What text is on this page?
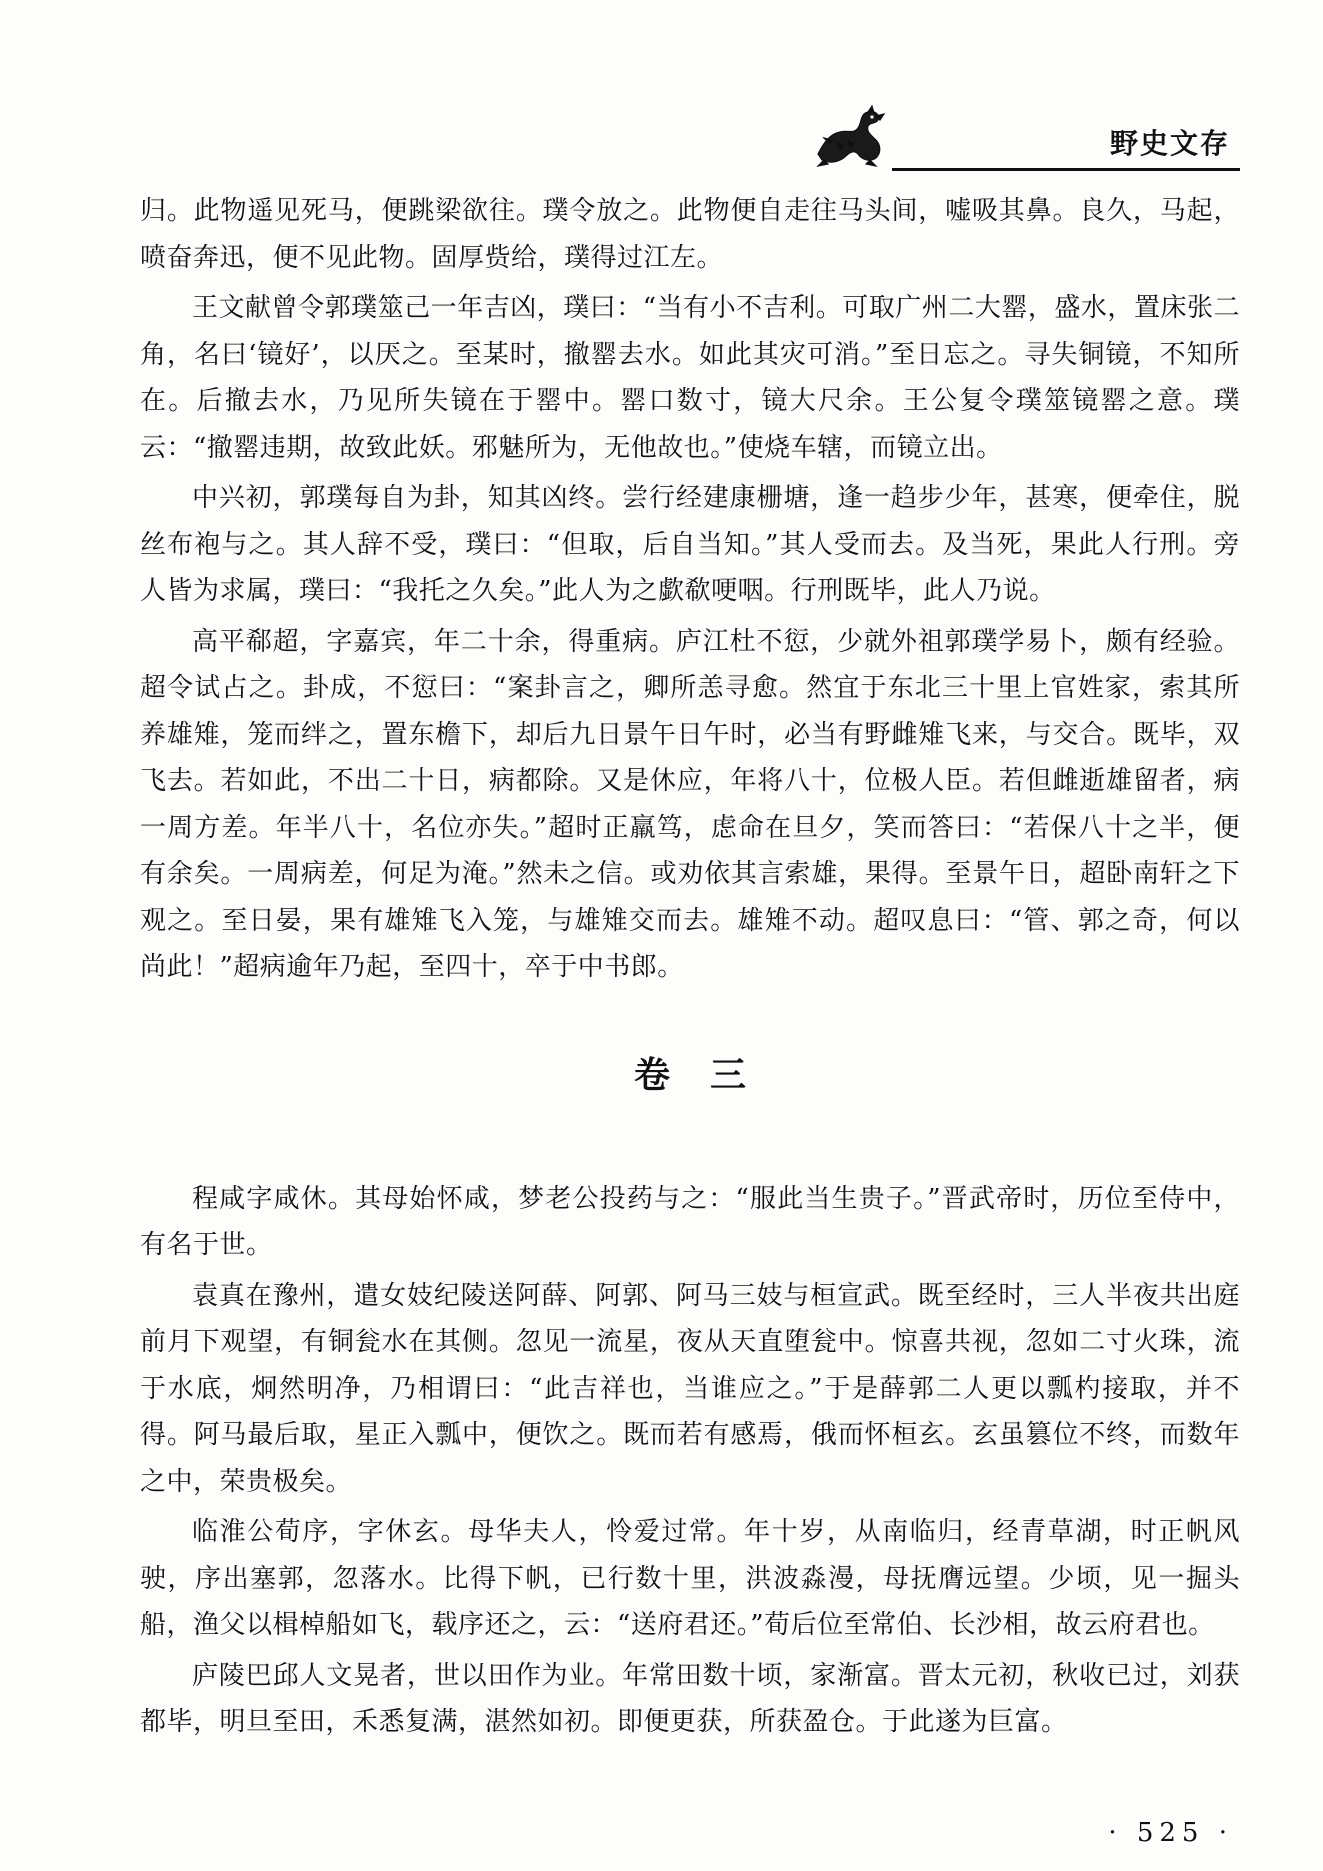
野史文存

归。此物遥见死马，便跳梁欲往。璞令放之。此物便自走往马头间，嘘吸其鼻。良久，马起，喷奋奔迅，便不见此物。固厚赀给，璞得过江左。

王文献曾令郭璞筮己一年吉凶，璞曰：“当有小不吉利。可取广州二大罂，盛水，置床张二角，名曰‘镜好’，以厌之。至某时，撤罂去水。如此其灾可消。”至日忘之。寻失铜镜，不知所在。后撤去水，乃见所失镜在于罂中。罂口数寸，镜大尺余。王公复令璞筮镜罂之意。璞云：“撤罂违期，故致此妖。邪魅所为，无他故也。”使烧车辖，而镜立出。

中兴初，郭璞每自为卦，知其凶终。尝行经建康栅塘，逢一趋步少年，甚寒，便牵住，脱丝布袍与之。其人辞不受，璞曰：“但取，后自当知。”其人受而去。及当死，果此人行刑。旁人皆为求属，璞曰：“我托之久矣。”此人为之歔欷哽咽。行刑既毕，此人乃说。

高平郗超，字嘉宾，年二十余，得重病。庐江杜不愆，少就外祖郭璞学易卜，颇有经验。超令试占之。卦成，不愆曰：“案卦言之，卿所恙寻愈。然宜于东北三十里上官姓家，索其所养雄雉，笼而绊之，置东檐下，却后九日景午日午时，必当有野雌雉飞来，与交合。既毕，双飞去。若如此，不出二十日，病都除。又是休应，年将八十，位极人臣。若但雌逝雄留者，病一周方差。年半八十，名位亦失。”超时正羸笃，虑命在旦夕，笑而答曰：“若保八十之半，便有余矣。一周病差，何足为淹。”然未之信。或劝依其言索雄，果得。至景午日，超卧南轩之下观之。至日晏，果有雄雉飞入笼，与雄雉交而去。雄雉不动。超叹息曰：“管、郭之奇，何以尚此！”超病逾年乃起，至四十，卒于中书郎。

卷三

程咸字咸休。其母始怀咸，梦老公投药与之：“服此当生贵子。”晋武帝时，历位至侍中，有名于世。

袁真在豫州，遣女妓纪陵送阿薛、阿郭、阿马三妓与桓宣武。既至经时，三人半夜共出庭前月下观望，有铜瓮水在其侧。忽见一流星，夜从天直堕瓮中。惊喜共视，忽如二寸火珠，流于水底，炯然明净，乃相谓曰：“此吉祥也，当谁应之。”于是薛郭二人更以瓢杓接取，并不得。阿马最后取，星正入瓢中，便饮之。既而若有感焉，俄而怀桓玄。玄虽篡位不终，而数年之中，荣贵极矣。

临淮公荀序，字休玄。母华夫人，怜爱过常。年十岁，从南临归，经青草湖，时正帆风驶，序出塞郭，忽落水。比得下帆，已行数十里，洪波淼漫，母抚膺远望。少顷，见一掘头船，渔父以楫棹船如飞，载序还之，云：“送府君还。”荀后位至常伯、长沙相，故云府君也。

庐陵巴邱人文晃者，世以田作为业。年常田数十顷，家渐富。晋太元初，秋收已过，刘获都毕，明旦至田，禾悉复满，湛然如初。即便更获，所获盈仓。于此遂为巨富。

· 525 ·
